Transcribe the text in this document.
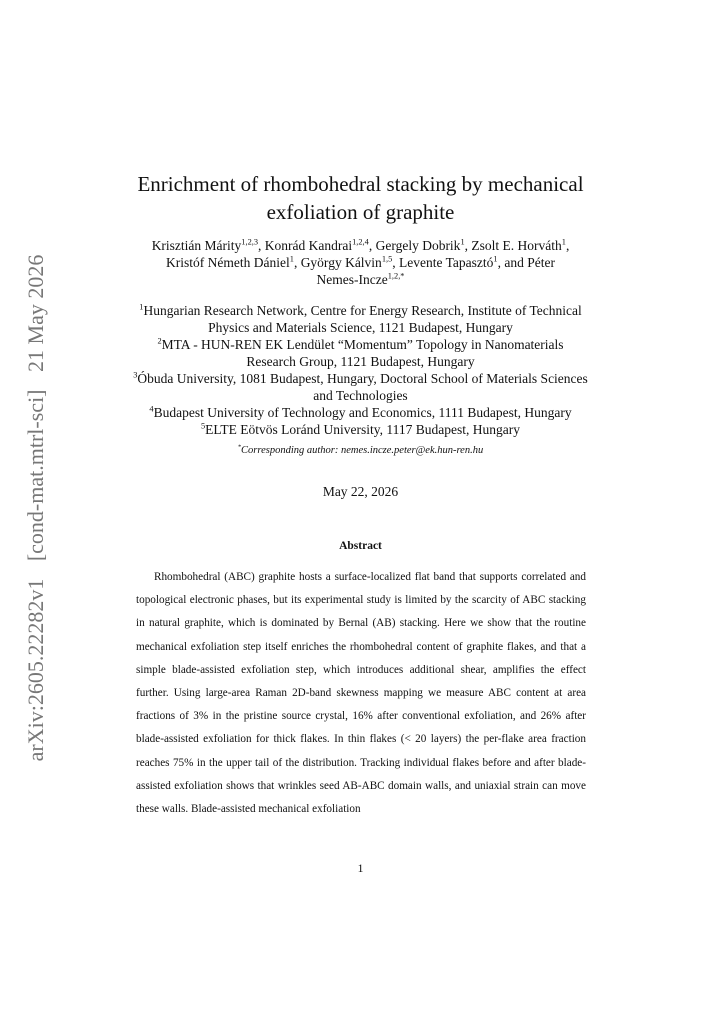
arXiv:2605.22282v1 [cond-mat.mtrl-sci] 21 May 2026
Enrichment of rhombohedral stacking by mechanical
exfoliation of graphite
Krisztián Márity$^{1,2,3}$, Konrád Kandrai$^{1,2,4}$, Gergely Dobrik$^1$, Zsolt E. Horváth$^1$,
Kristóf Németh Dániel$^1$, György Kálvin$^{1,5}$, Levente Tapasztó$^1$, and Péter
Nemes-Incze$^{1,2,*}$
$^1$Hungarian Research Network, Centre for Energy Research, Institute of Technical
Physics and Materials Science, 1121 Budapest, Hungary
$^2$MTA - HUN-REN EK Lendület “Momentum” Topology in Nanomaterials
Research Group, 1121 Budapest, Hungary
$^3$Óbuda University, 1081 Budapest, Hungary, Doctoral School of Materials Sciences
and Technologies
$^4$Budapest University of Technology and Economics, 1111 Budapest, Hungary
$^5$ELTE Eötvös Loránd University, 1117 Budapest, Hungary
*Corresponding author: nemes.incze.peter@ek.hun-ren.hu
May 22, 2026
Abstract
Rhombohedral (ABC) graphite hosts a surface-localized flat band that supports correlated and topological electronic phases, but its experimental study is limited by the scarcity of ABC stacking in natural graphite, which is dominated by Bernal (AB) stacking. Here we show that the routine mechanical exfoliation step itself enriches the rhombohedral content of graphite flakes, and that a simple blade-assisted exfoliation step, which introduces additional shear, amplifies the effect further. Using large-area Raman 2D-band skewness mapping we measure ABC content at area fractions of 3% in the pristine source crystal, 16% after conventional exfoliation, and 26% after blade-assisted exfoliation for thick flakes. In thin flakes (< 20 layers) the per-flake area fraction reaches 75% in the upper tail of the distribution. Tracking individual flakes before and after blade-assisted exfoliation shows that wrinkles seed AB-ABC domain walls, and uniaxial strain can move these walls. Blade-assisted mechanical exfoliation
1
